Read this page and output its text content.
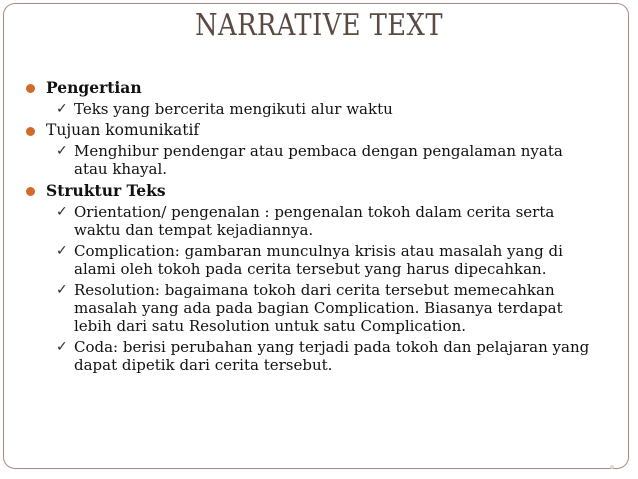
NARRATIVE TEXT
Pengertian
✓ Teks yang bercerita mengikuti alur waktu
Tujuan komunikatif
✓ Menghibur pendengar atau pembaca dengan pengalaman nyata atau khayal.
Struktur Teks
✓ Orientation/ pengenalan : pengenalan tokoh dalam cerita serta waktu dan tempat kejadiannya.
✓ Complication: gambaran munculnya krisis atau masalah yang di alami oleh tokoh pada cerita tersebut yang harus dipecahkan.
✓ Resolution: bagaimana tokoh dari cerita tersebut memecahkan masalah yang ada pada bagian Complication. Biasanya terdapat lebih dari satu Resolution untuk satu Complication.
✓ Coda: berisi perubahan yang terjadi pada tokoh dan pelajaran yang dapat dipetik dari cerita tersebut.
